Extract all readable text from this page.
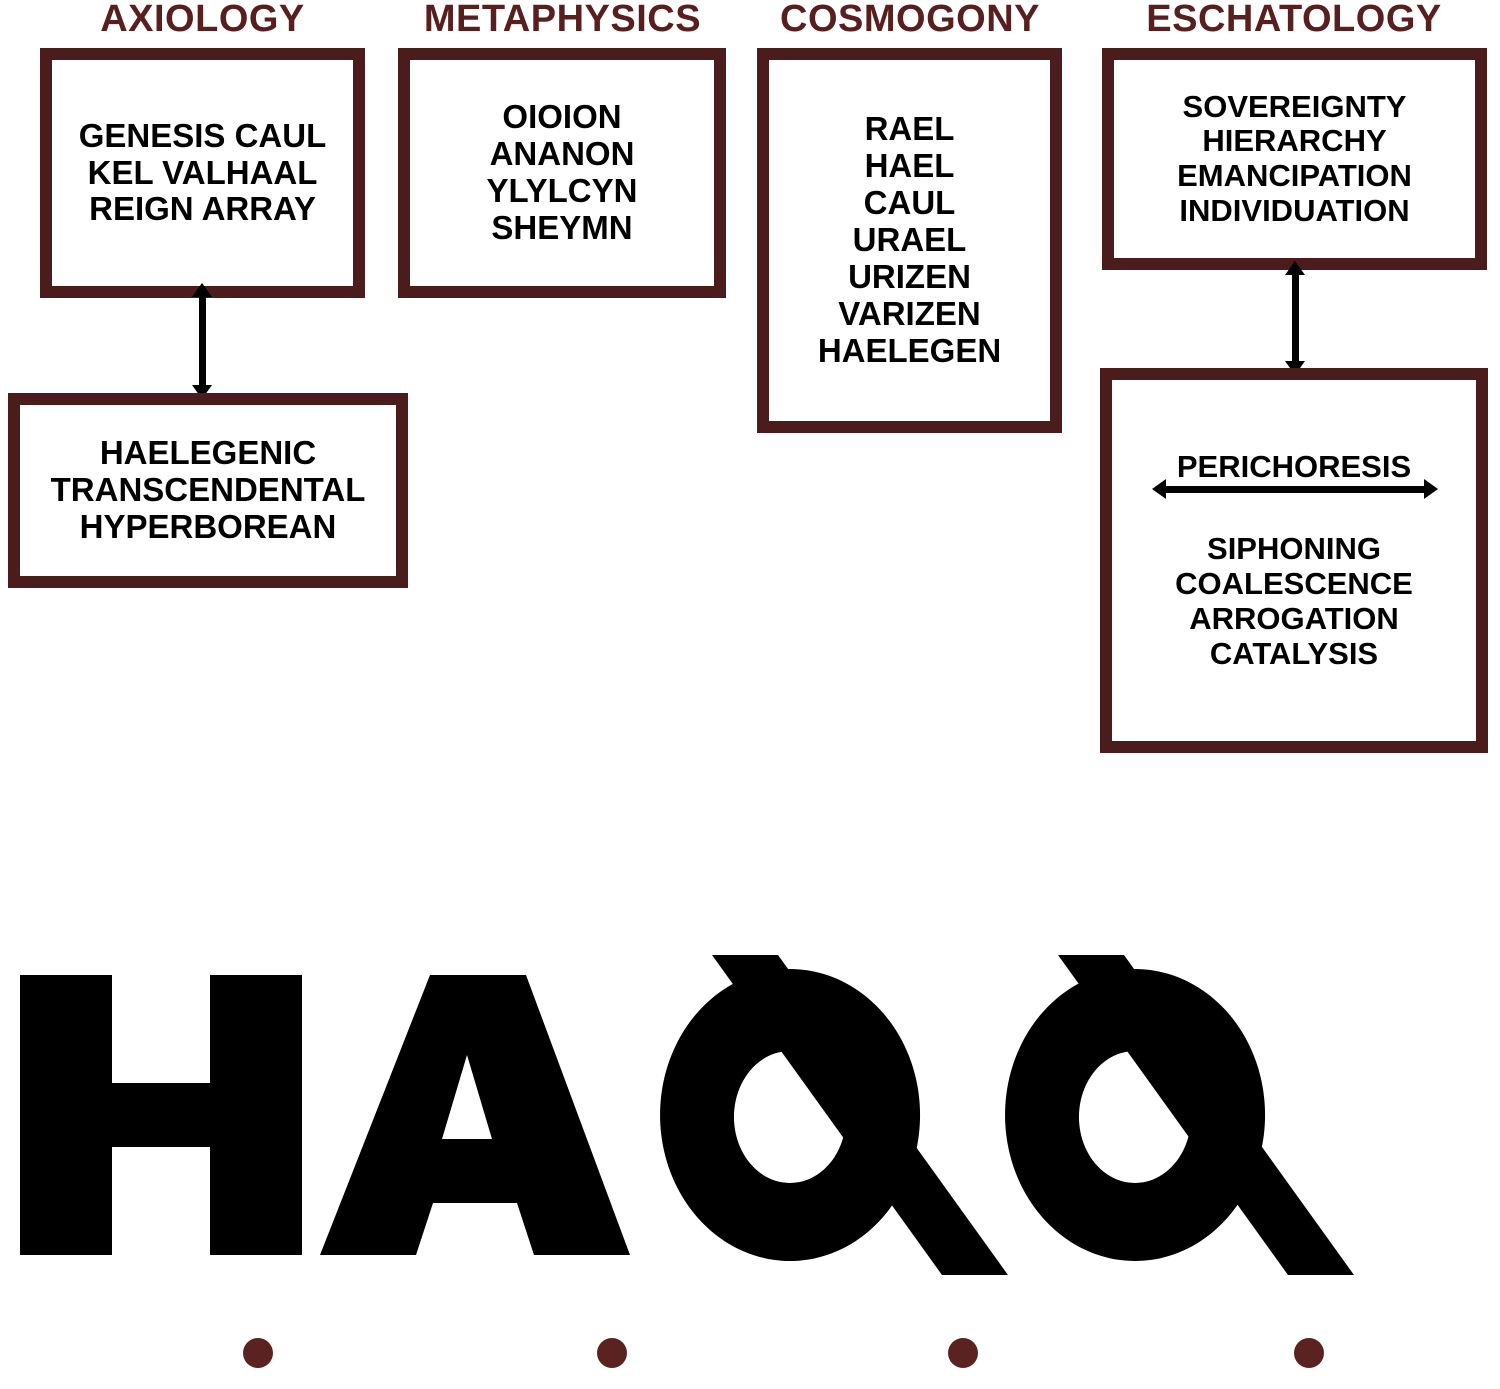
AXIOLOGY	METAPHYSICS	COSMOGONY	ESCHATOLOGY
GENESIS CAUL
KEL VALHAAL
REIGN ARRAY
HAELEGENIC
TRANSCENDENTAL
HYPERBOREAN
OIOION
ANANON
YLYLCYN
SHEYMN
RAEL
HAEL
CAUL
URAEL
URIZEN
VARIZEN
HAELEGEN
SOVEREIGNTY
HIERARCHY
EMANCIPATION
INDIVIDUATION
PERICHORESIS
SIPHONING
COALESCENCE
ARROGATION
CATALYSIS
